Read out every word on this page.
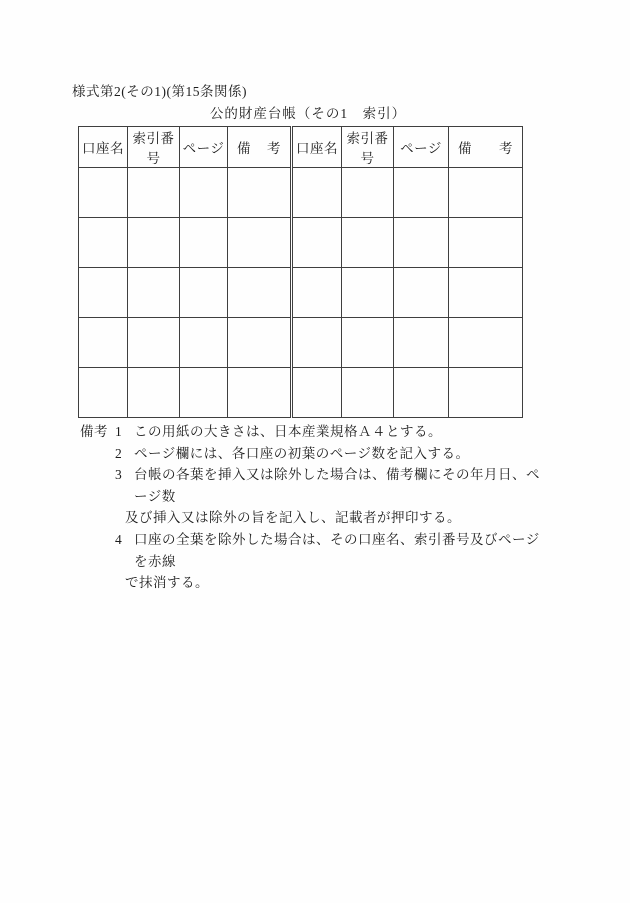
様式第2(その1)(第15条関係)
公的財産台帳（その1　索引）
口座名	索引番号	ページ	備　考	口座名	索引番号	ページ	備　考

備考 1 この用紙の大きさは、日本産業規格Ａ４とする。
2 ページ欄には、各口座の初葉のページ数を記入する。
3 台帳の各葉を挿入又は除外した場合は、備考欄にその年月日、ページ数
及び挿入又は除外の旨を記入し、記載者が押印する。
4 口座の全葉を除外した場合は、その口座名、索引番号及びページを赤線
で抹消する。
